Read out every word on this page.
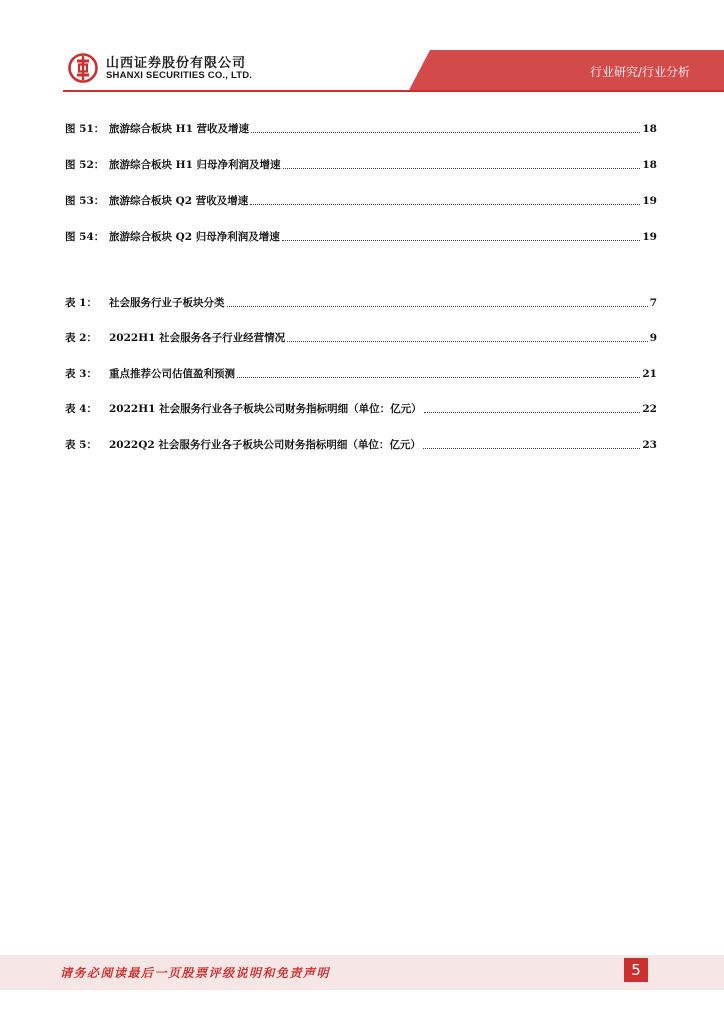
山西证券股份有限公司
SHANXI SECURITIES CO., LTD.	行业研究/行业分析
图 51： 旅游综合板块 H1 营收及增速	18
图 52： 旅游综合板块 H1 归母净利润及增速	18
图 53： 旅游综合板块 Q2 营收及增速	19
图 54： 旅游综合板块 Q2 归母净利润及增速	19
表 1：	社会服务行业子板块分类	7
表 2：	2022H1 社会服务各子行业经营情况	9
表 3：	重点推荐公司估值盈利预测	21
表 4：	2022H1 社会服务行业各子板块公司财务指标明细（单位：亿元）	22
表 5：	2022Q2 社会服务行业各子板块公司财务指标明细（单位：亿元）	23
请务必阅读最后一页股票评级说明和免责声明	5
